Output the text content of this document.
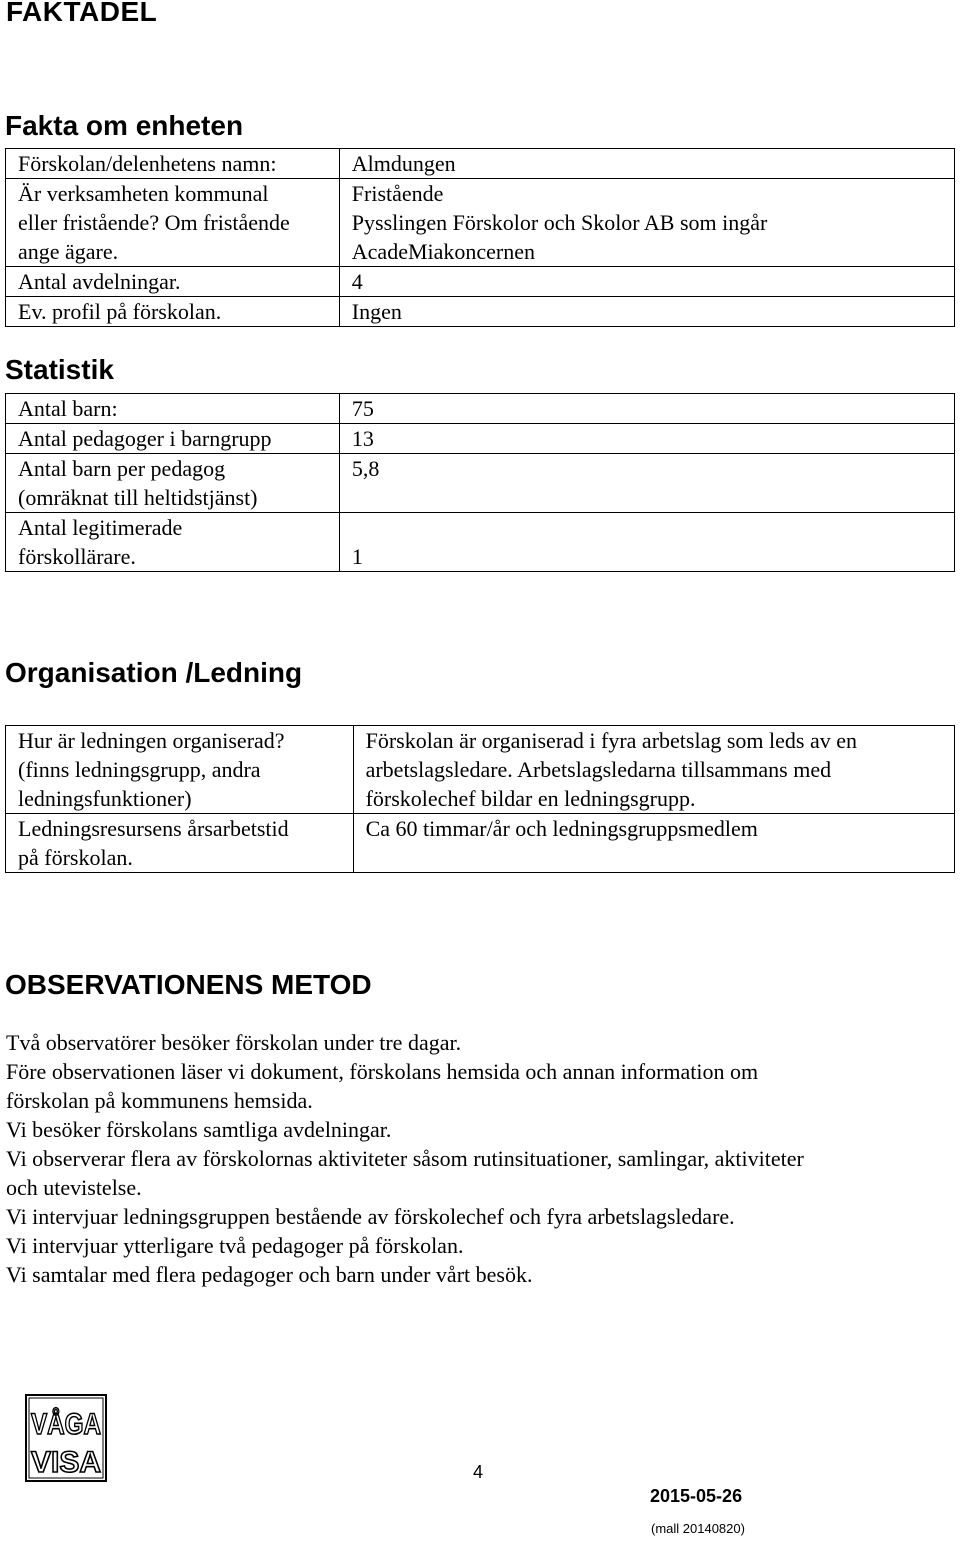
FAKTADEL
Fakta om enheten
Förskolan/delenhetens namn:	Almdungen

Är verksamheten kommunal
eller fristående? Om fristående
ange ägare.	Fristående
Pysslingen Förskolor och Skolor AB som ingår
AcadeMiakoncernen

Antal avdelningar.	4

Ev. profil på förskolan.	Ingen
Statistik
Antal barn:	75

Antal pedagoger i barngrupp	13

Antal barn per pedagog
(omräknat till heltidstjänst)	5,8

Antal legitimerade
förskollärare.	1
Organisation /Ledning
Hur är ledningen organiserad?
(finns ledningsgrupp, andra
ledningsfunktioner)	Förskolan är organiserad i fyra arbetslag som leds av en
arbetslagsledare. Arbetslagsledarna tillsammans med
förskolechef bildar en ledningsgrupp.

Ledningsresursens årsarbetstid
på förskolan.	Ca 60 timmar/år och ledningsgruppsmedlem
OBSERVATIONENS METOD

Två observatörer besöker förskolan under tre dagar.

Före observationen läser vi dokument, förskolans hemsida och annan information om

förskolan på kommunens hemsida.

Vi besöker förskolans samtliga avdelningar.

Vi observerar flera av förskolornas aktiviteter såsom rutinsituationer, samlingar, aktiviteter

och utevistelse.

Vi intervjuar ledningsgruppen bestående av förskolechef och fyra arbetslagsledare.

Vi intervjuar ytterligare två pedagoger på förskolan.

Vi samtalar med flera pedagoger och barn under vårt besök.

VÅGA
VISA	4
2015-05-26
(mall 20140820)
